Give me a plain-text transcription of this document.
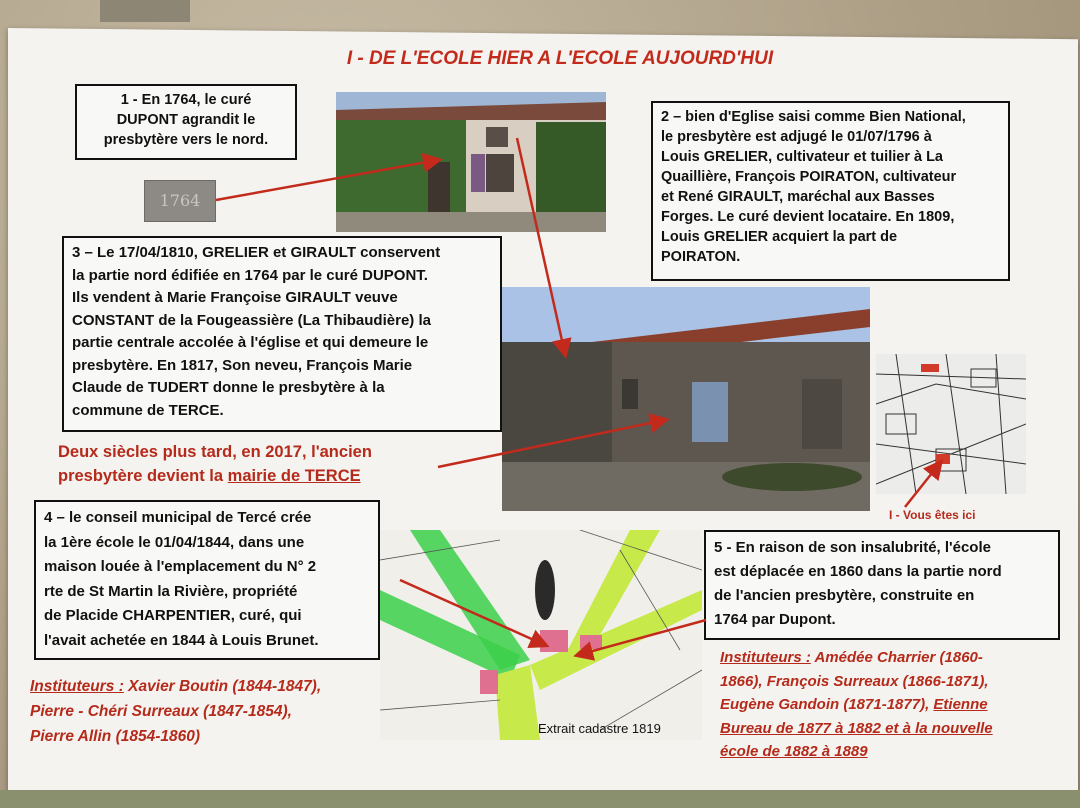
I - DE L'ECOLE HIER A L'ECOLE AUJOURD'HUI

1 - En 1764, le curé

DUPONT agrandit le

presbytère vers le nord.

1764

2 – bien d'Eglise saisi comme Bien National,

le presbytère est adjugé le 01/07/1796 à

Louis GRELIER, cultivateur et tuilier à La

Quaillière, François POIRATON, cultivateur

et René GIRAULT, maréchal aux Basses

Forges. Le curé devient locataire. En 1809,

Louis GRELIER acquiert la part de

POIRATON.

3 – Le 17/04/1810, GRELIER et GIRAULT conservent

la partie nord édifiée en 1764 par le curé DUPONT.

Ils vendent à Marie Françoise GIRAULT veuve

CONSTANT de la Fougeassière (La Thibaudière) la

partie centrale accolée à l'église et qui demeure le

presbytère. En 1817, Son neveu, François Marie

Claude de TUDERT donne le presbytère à la

commune de TERCE.

Deux siècles plus tard, en 2017, l'ancien
presbytère devient la mairie de TERCE
I - Vous êtes ici

4 – le conseil municipal de Tercé crée

la 1ère école le 01/04/1844, dans une

maison louée à l'emplacement du N° 2

rte de St Martin la Rivière, propriété

de Placide CHARPENTIER, curé, qui

l'avait achetée en 1844 à Louis Brunet.

Extrait cadastre 1819

5 - En raison de son insalubrité, l'école

est déplacée en 1860 dans la partie nord

de l'ancien presbytère, construite en

1764 par Dupont.

Instituteurs : Xavier Boutin (1844-1847),
Pierre - Chéri Surreaux (1847-1854),
Pierre Allin (1854-1860)
Instituteurs : Amédée Charrier (1860-
1866), François Surreaux (1866-1871),
Eugène Gandoin (1871-1877), Etienne
Bureau de 1877 à 1882 et à la nouvelle
école de 1882 à 1889
